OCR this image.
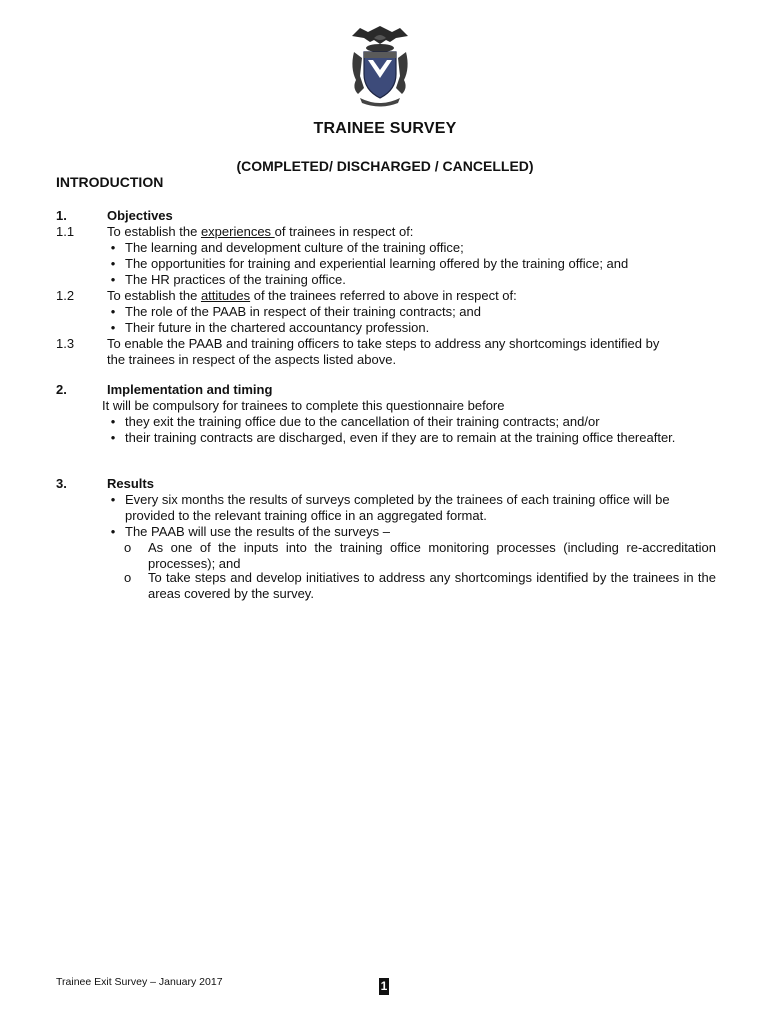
TRAINEE SURVEY
(COMPLETED/ DISCHARGED / CANCELLED)
INTRODUCTION
1.	Objectives
1.1	To establish the experiences of trainees in respect of:
• The learning and development culture of the training office;
• The opportunities for training and experiential learning offered by the training office; and
• The HR practices of the training office.
1.2	To establish the attitudes of the trainees referred to above in respect of:
• The role of the PAAB in respect of their training contracts; and
• Their future in the chartered accountancy profession.
1.3	To enable the PAAB and training officers to take steps to address any shortcomings identified by
the trainees in respect of the aspects listed above.
2.	Implementation and timing
It will be compulsory for trainees to complete this questionnaire before
• they exit the training office due to the cancellation of their training contracts; and/or
• their training contracts are discharged, even if they are to remain at the training office thereafter.
3.	Results
• Every six months the results of surveys completed by the trainees of each training office will be provided to the relevant training office in an aggregated format.
• The PAAB will use the results of the surveys –
o	As one of the inputs into the training office monitoring processes (including re-accreditation processes); and
o	To take steps and develop initiatives to address any shortcomings identified by the trainees in the areas covered by the survey.
Trainee Exit Survey – January 2017	1
